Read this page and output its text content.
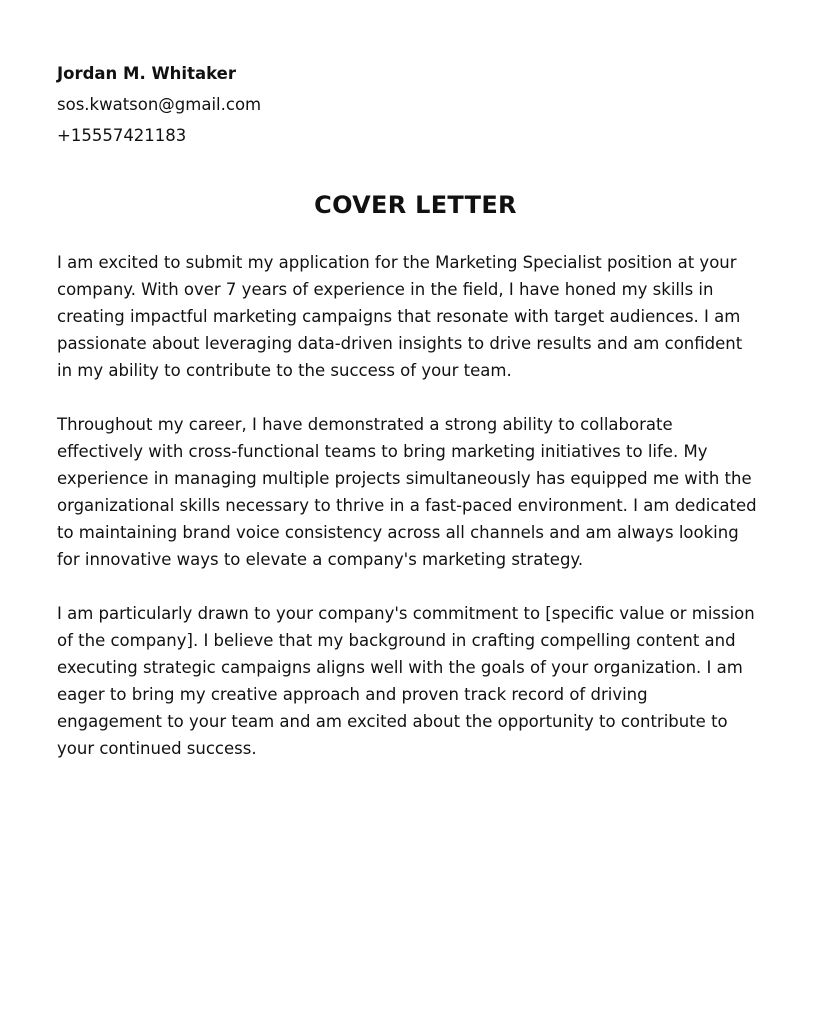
Jordan M. Whitaker
sos.kwatson@gmail.com
+15557421183
COVER LETTER

I am excited to submit my application for the Marketing Specialist position at your
company. With over 7 years of experience in the field, I have honed my skills in
creating impactful marketing campaigns that resonate with target audiences. I am
passionate about leveraging data-driven insights to drive results and am confident
in my ability to contribute to the success of your team.

Throughout my career, I have demonstrated a strong ability to collaborate
effectively with cross-functional teams to bring marketing initiatives to life. My
experience in managing multiple projects simultaneously has equipped me with the
organizational skills necessary to thrive in a fast-paced environment. I am dedicated
to maintaining brand voice consistency across all channels and am always looking
for innovative ways to elevate a company's marketing strategy.

I am particularly drawn to your company's commitment to [specific value or mission
of the company]. I believe that my background in crafting compelling content and
executing strategic campaigns aligns well with the goals of your organization. I am
eager to bring my creative approach and proven track record of driving
engagement to your team and am excited about the opportunity to contribute to
your continued success.
